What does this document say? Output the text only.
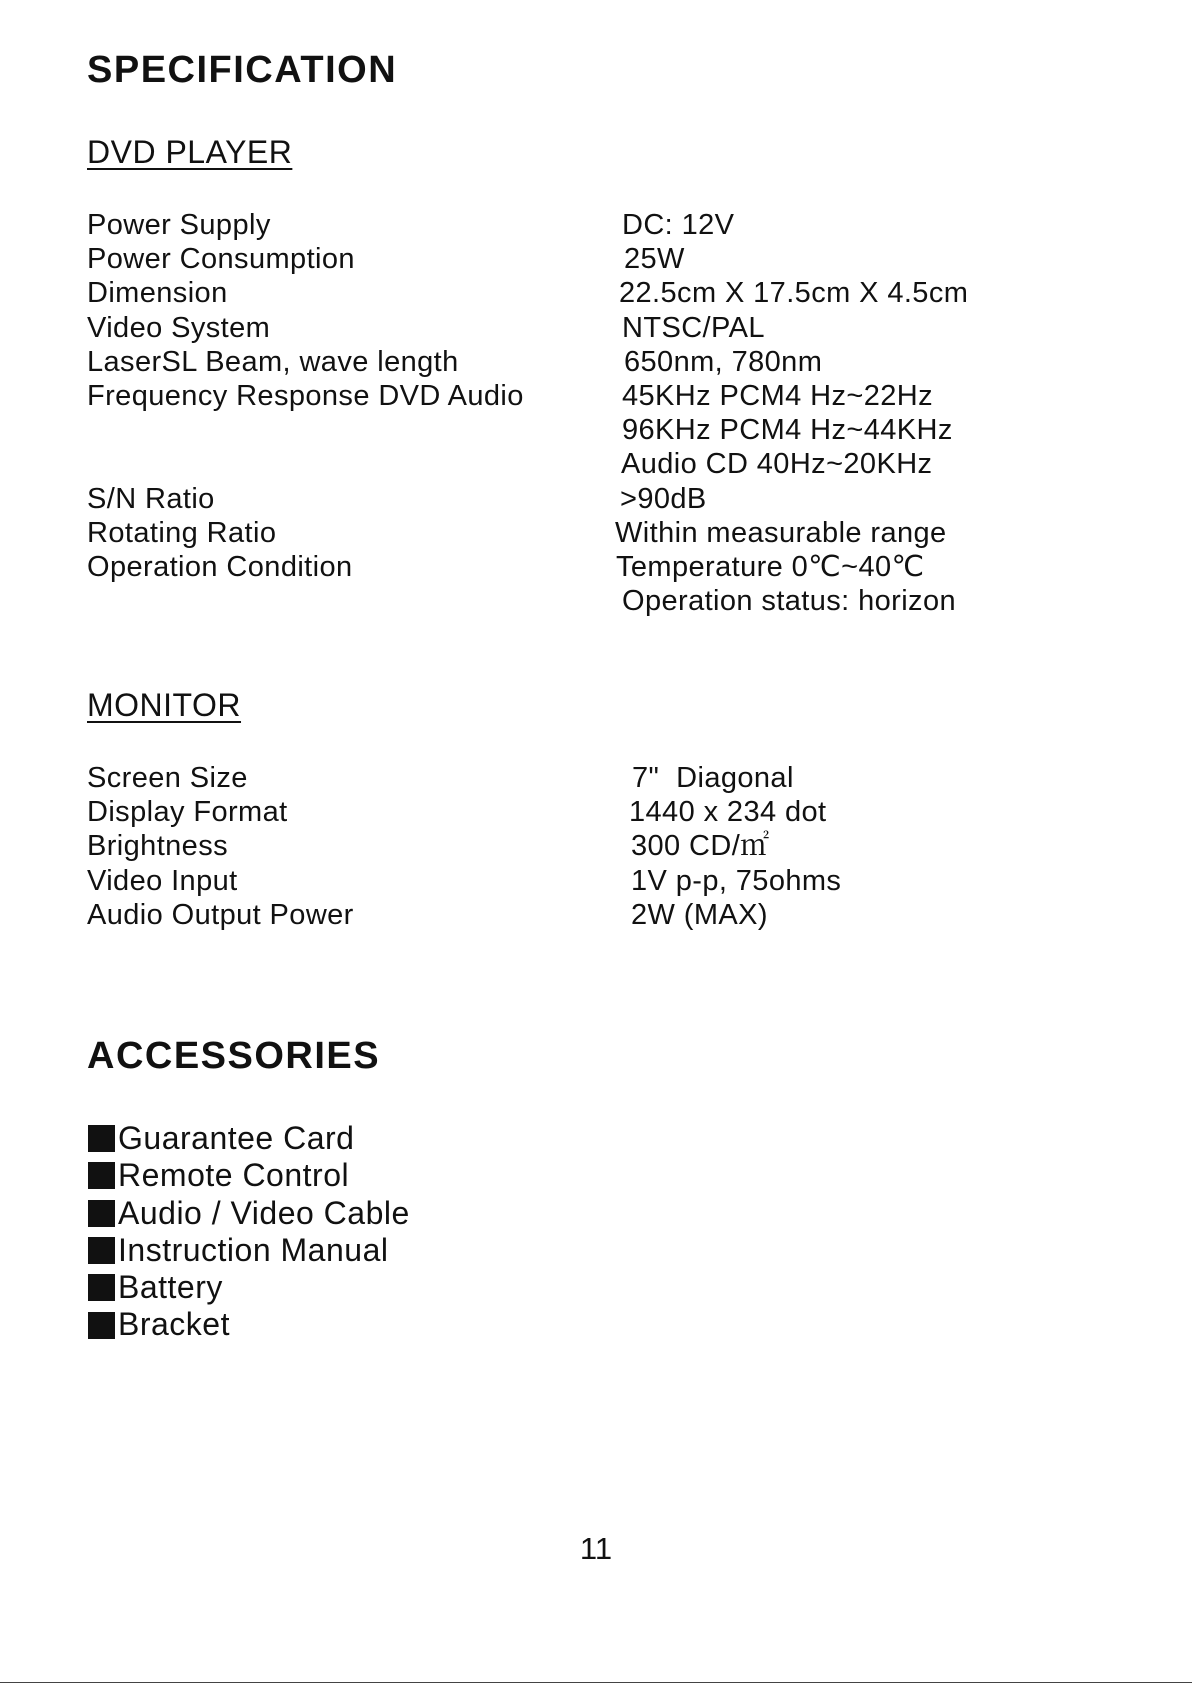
SPECIFICATION
DVD PLAYER
Power Supply	DC: 12V
Power Consumption	25W
Dimension	22.5cm X 17.5cm X 4.5cm
Video System	NTSC/PAL
LaserSL Beam, wave length	650nm, 780nm
Frequency Response DVD Audio	45KHz PCM4 Hz~22Hz
96KHz PCM4 Hz~44KHz
Audio CD 40Hz~20KHz
S/N Ratio	>90dB
Rotating Ratio	Within measurable range
Operation Condition	Temperature 0℃~40℃
Operation status: horizon
MONITOR
Screen Size	7"  Diagonal
Display Format	1440 x 234 dot
Brightness	300 CD/㎡
Video Input	1V p-p, 75ohms
Audio Output Power	2W (MAX)
ACCESSORIES
Guarantee Card
Remote Control
Audio / Video Cable
Instruction Manual
Battery
Bracket
11
